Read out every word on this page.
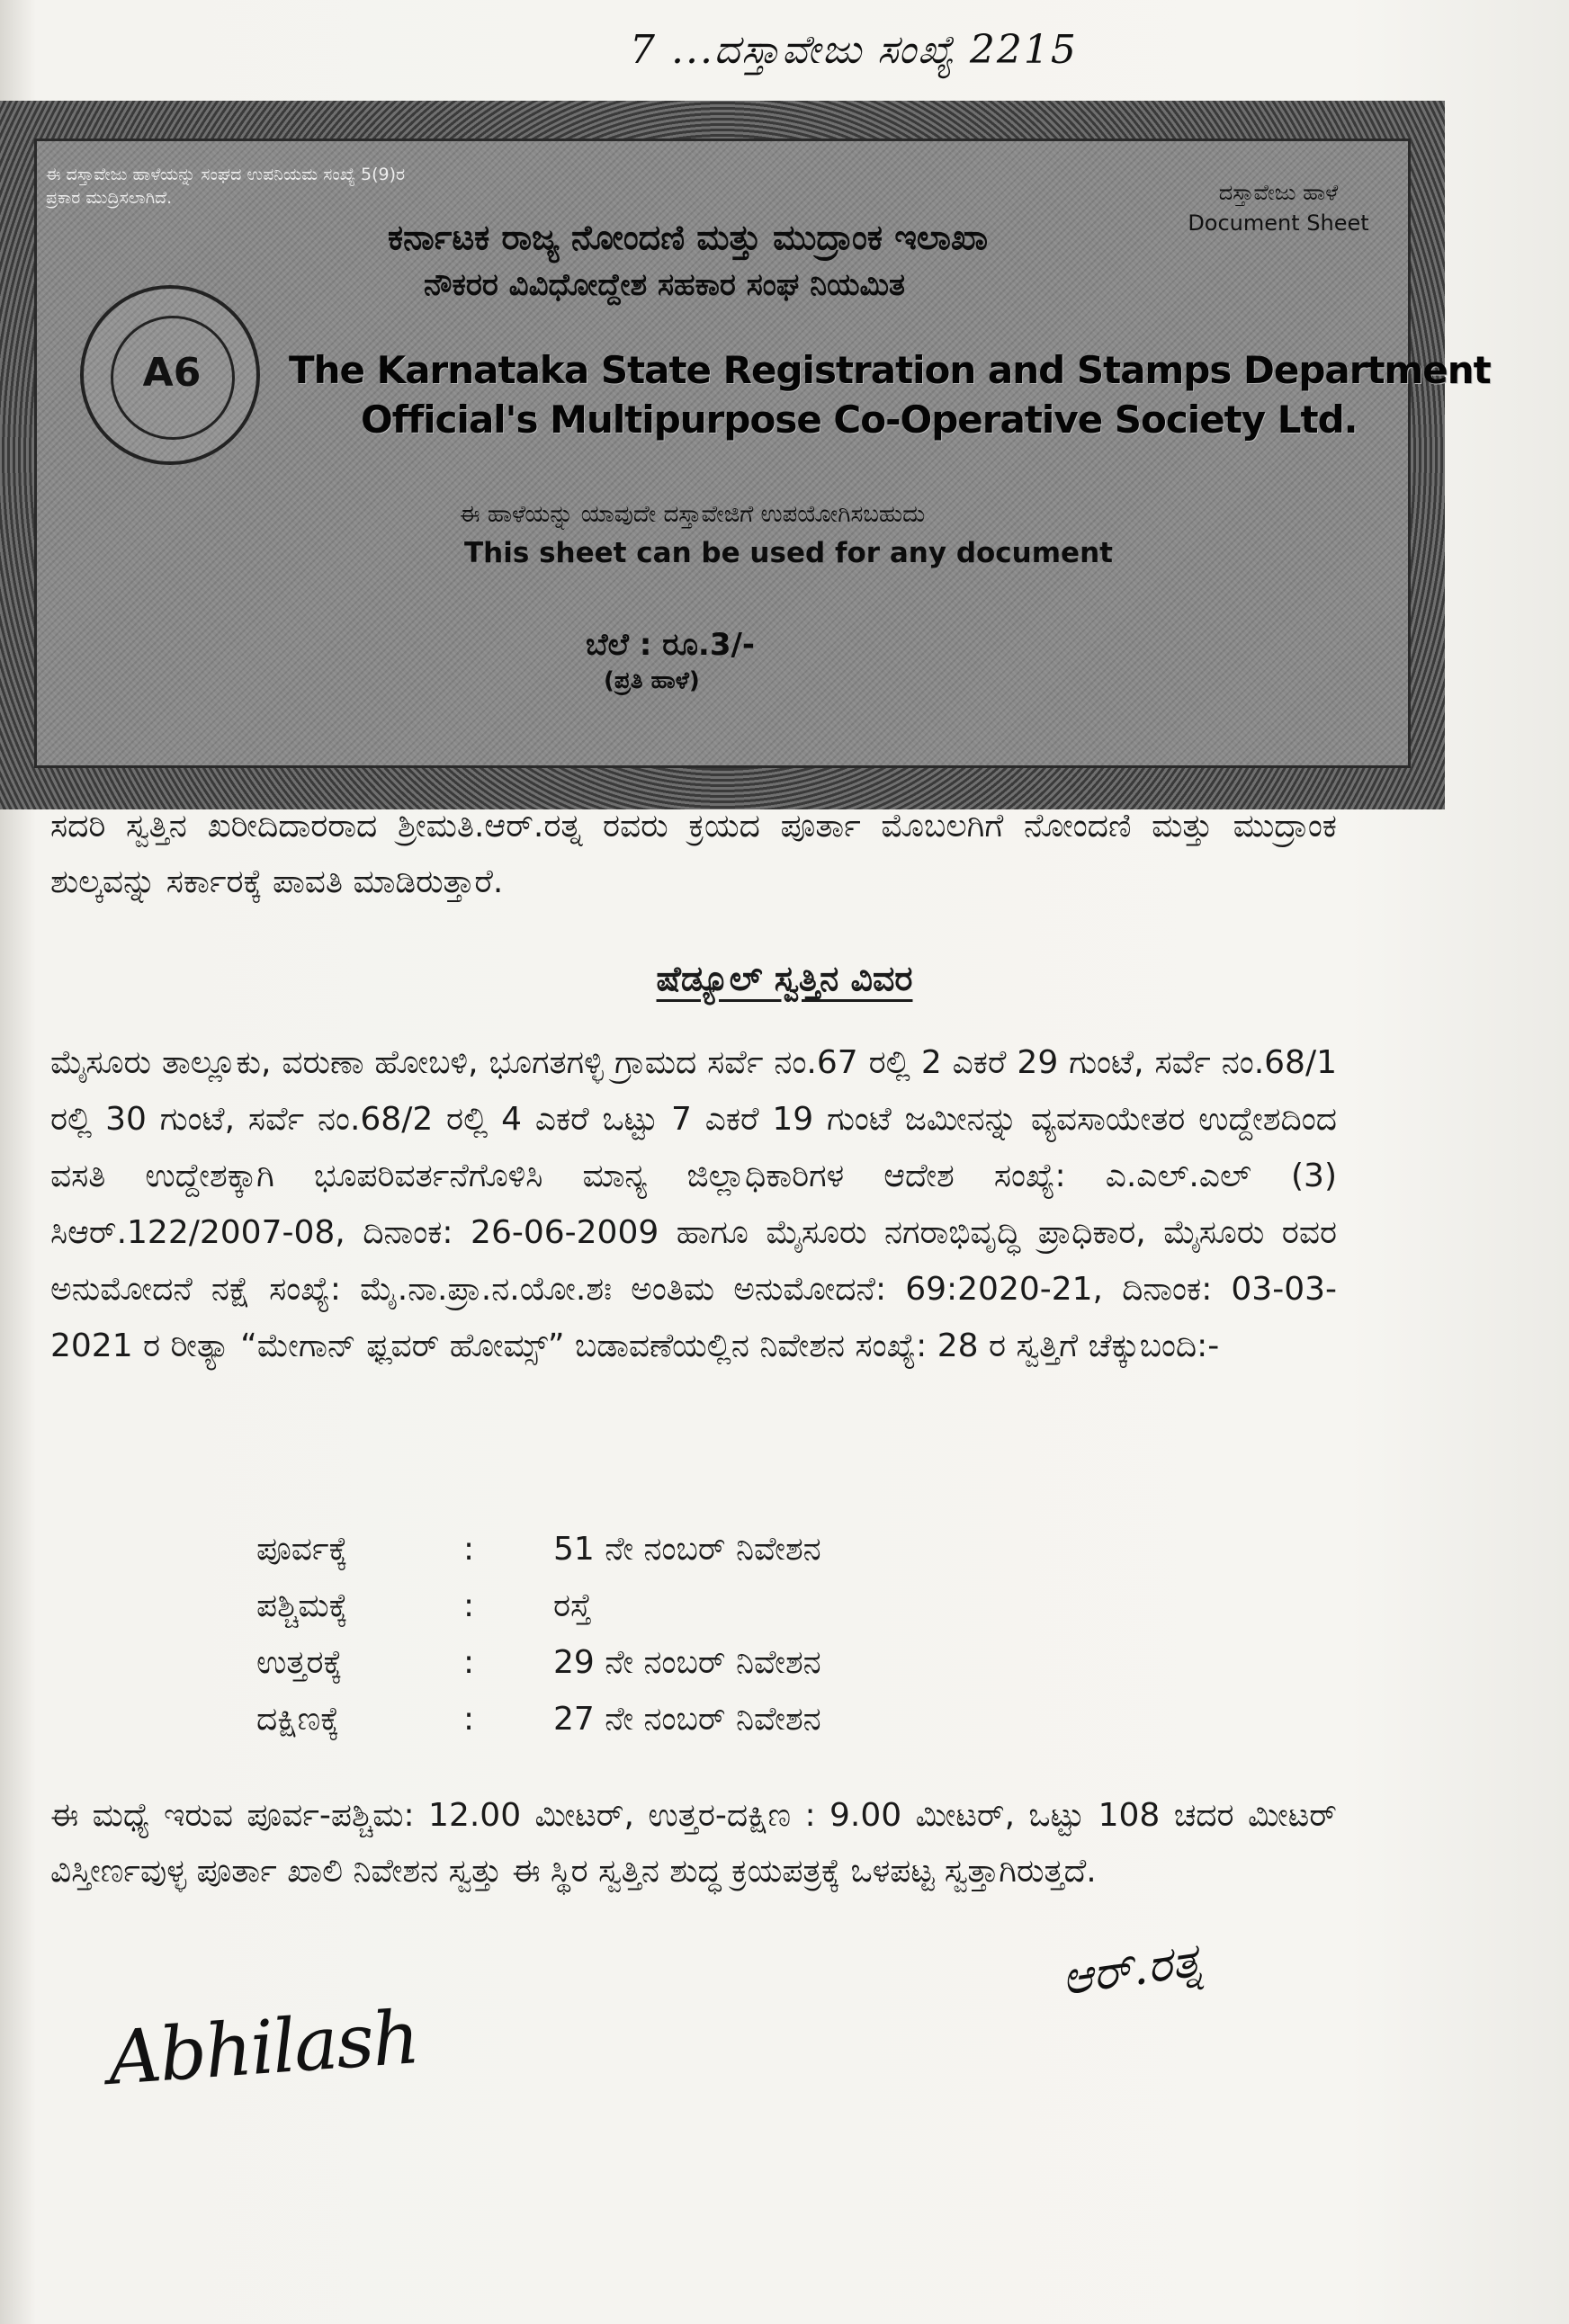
7 ...ದಸ್ತಾವೇಜು ಸಂಖ್ಯೆ 2215
ಈ ದಸ್ತಾವೇಜು ಹಾಳೆಯನ್ನು ಸಂಘದ ಉಪನಿಯಮ ಸಂಖ್ಯೆ 5(9)ರ ಪ್ರಕಾರ ಮುದ್ರಿಸಲಾಗಿದೆ.	ದಸ್ತಾವೇಜು ಹಾಳೆ Document Sheet
ಕರ್ನಾಟಕ ರಾಜ್ಯ ನೋಂದಣಿ ಮತ್ತು ಮುದ್ರಾಂಕ ಇಲಾಖಾ
ನೌಕರರ ವಿವಿಧೋದ್ದೇಶ ಸಹಕಾರ ಸಂಘ ನಿಯಮಿತ
The Karnataka State Registration and Stamps Department
Official's Multipurpose Co-Operative Society Ltd.
ಈ ಹಾಳೆಯನ್ನು ಯಾವುದೇ ದಸ್ತಾವೇಜಿಗೆ ಉಪಯೋಗಿಸಬಹುದು
This sheet can be used for any document
ಬೆಲೆ : ರೂ.3/-
(ಪ್ರತಿ ಹಾಳೆ)
A6
ಸದರಿ ಸ್ವತ್ತಿನ ಖರೀದಿದಾರರಾದ ಶ್ರೀಮತಿ.ಆರ್.ರತ್ನ ರವರು ಕ್ರಯದ ಪೂರ್ತಾ ಮೊಬಲಗಿಗೆ ನೋಂದಣಿ ಮತ್ತು ಮುದ್ರಾಂಕ ಶುಲ್ಕವನ್ನು ಸರ್ಕಾರಕ್ಕೆ ಪಾವತಿ ಮಾಡಿರುತ್ತಾರೆ.
ಷೆಡ್ಯೂಲ್ ಸ್ವತ್ತಿನ ವಿವರ
ಮೈಸೂರು ತಾಲ್ಲೂಕು, ವರುಣಾ ಹೋಬಳಿ, ಭೂಗತಗಳ್ಳಿ ಗ್ರಾಮದ ಸರ್ವೆ ನಂ.67 ರಲ್ಲಿ 2 ಎಕರೆ 29 ಗುಂಟೆ, ಸರ್ವೆ ನಂ.68/1 ರಲ್ಲಿ 30 ಗುಂಟೆ, ಸರ್ವೆ ನಂ.68/2 ರಲ್ಲಿ 4 ಎಕರೆ ಒಟ್ಟು 7 ಎಕರೆ 19 ಗುಂಟೆ ಜಮೀನನ್ನು ವ್ಯವಸಾಯೇತರ ಉದ್ದೇಶದಿಂದ ವಸತಿ ಉದ್ದೇಶಕ್ಕಾಗಿ ಭೂಪರಿವರ್ತನೆಗೊಳಿಸಿ ಮಾನ್ಯ ಜಿಲ್ಲಾಧಿಕಾರಿಗಳ ಆದೇಶ ಸಂಖ್ಯೆ: ಎ.ಎಲ್.ಎಲ್ (3) ಸಿಆರ್.122/2007-08, ದಿನಾಂಕ: 26-06-2009 ಹಾಗೂ ಮೈಸೂರು ನಗರಾಭಿವೃದ್ಧಿ ಪ್ರಾಧಿಕಾರ, ಮೈಸೂರು ರವರ ಅನುಮೋದನೆ ನಕ್ಷೆ ಸಂಖ್ಯೆ: ಮೈ.ನಾ.ಪ್ರಾ.ನ.ಯೋ.ಶಃ ಅಂತಿಮ ಅನುಮೋದನೆ: 69:2020-21, ದಿನಾಂಕ: 03-03-2021 ರ ರೀತ್ಯಾ “ಮೇಗಾನ್ ಫ್ಲವರ್ ಹೋಮ್ಸ್” ಬಡಾವಣೆಯಲ್ಲಿನ ನಿವೇಶನ ಸಂಖ್ಯೆ: 28 ರ ಸ್ವತ್ತಿಗೆ ಚೆಕ್ಕುಬಂದಿ:-
ಪೂರ್ವಕ್ಕೆ	: 51 ನೇ ನಂಬರ್ ನಿವೇಶನ
ಪಶ್ಚಿಮಕ್ಕೆ	: ರಸ್ತೆ
ಉತ್ತರಕ್ಕೆ	: 29 ನೇ ನಂಬರ್ ನಿವೇಶನ
ದಕ್ಷಿಣಕ್ಕೆ	: 27 ನೇ ನಂಬರ್ ನಿವೇಶನ
ಈ ಮಧ್ಯೆ ಇರುವ ಪೂರ್ವ-ಪಶ್ಚಿಮ: 12.00 ಮೀಟರ್, ಉತ್ತರ-ದಕ್ಷಿಣ : 9.00 ಮೀಟರ್, ಒಟ್ಟು 108 ಚದರ ಮೀಟರ್ ವಿಸ್ತೀರ್ಣವುಳ್ಳ ಪೂರ್ತಾ ಖಾಲಿ ನಿವೇಶನ ಸ್ವತ್ತು ಈ ಸ್ಥಿರ ಸ್ವತ್ತಿನ ಶುದ್ಧ ಕ್ರಯಪತ್ರಕ್ಕೆ ಒಳಪಟ್ಟ ಸ್ವತ್ತಾಗಿರುತ್ತದೆ.
ಆರ್.ರತ್ನ
Abhilash
